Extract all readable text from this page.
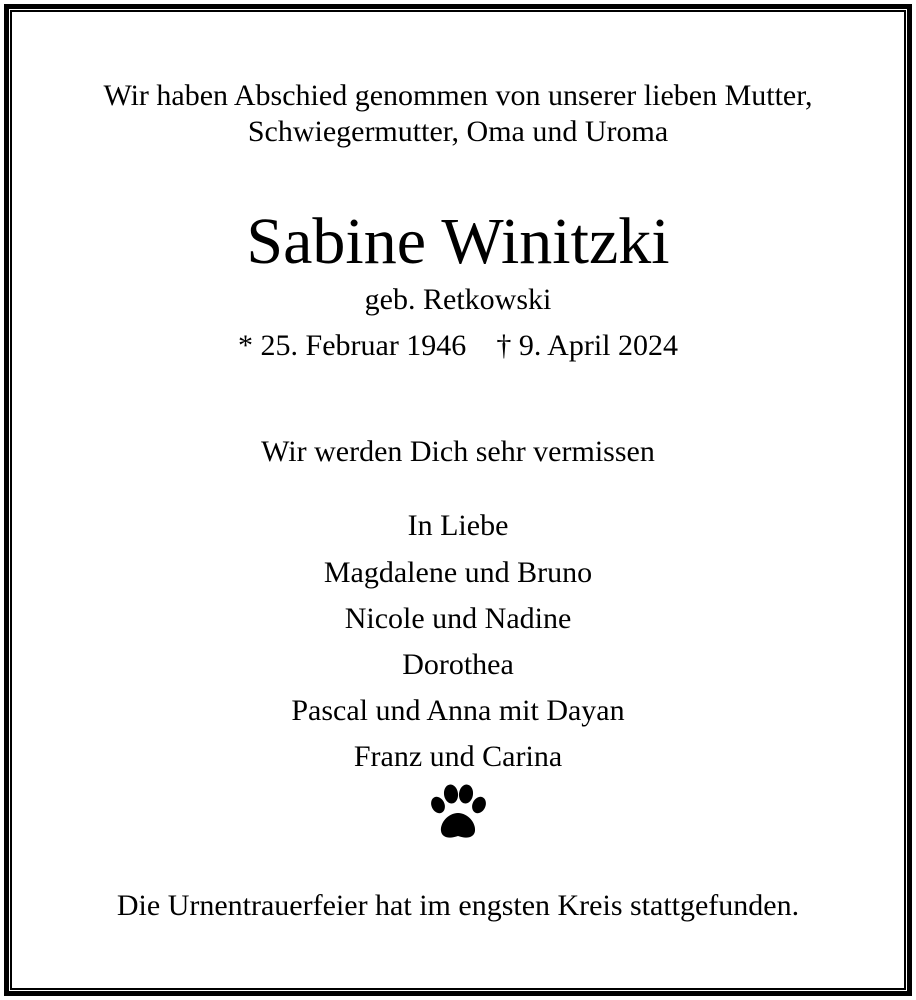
Wir haben Abschied genommen von unserer lieben Mutter,
Schwiegermutter, Oma und Uroma
Sabine Winitzki
geb. Retkowski
* 25. Februar 1946 † 9. April 2024
Wir werden Dich sehr vermissen
In Liebe
Magdalene und Bruno
Nicole und Nadine
Dorothea
Pascal und Anna mit Dayan
Franz und Carina
Die Urnentrauerfeier hat im engsten Kreis stattgefunden.
